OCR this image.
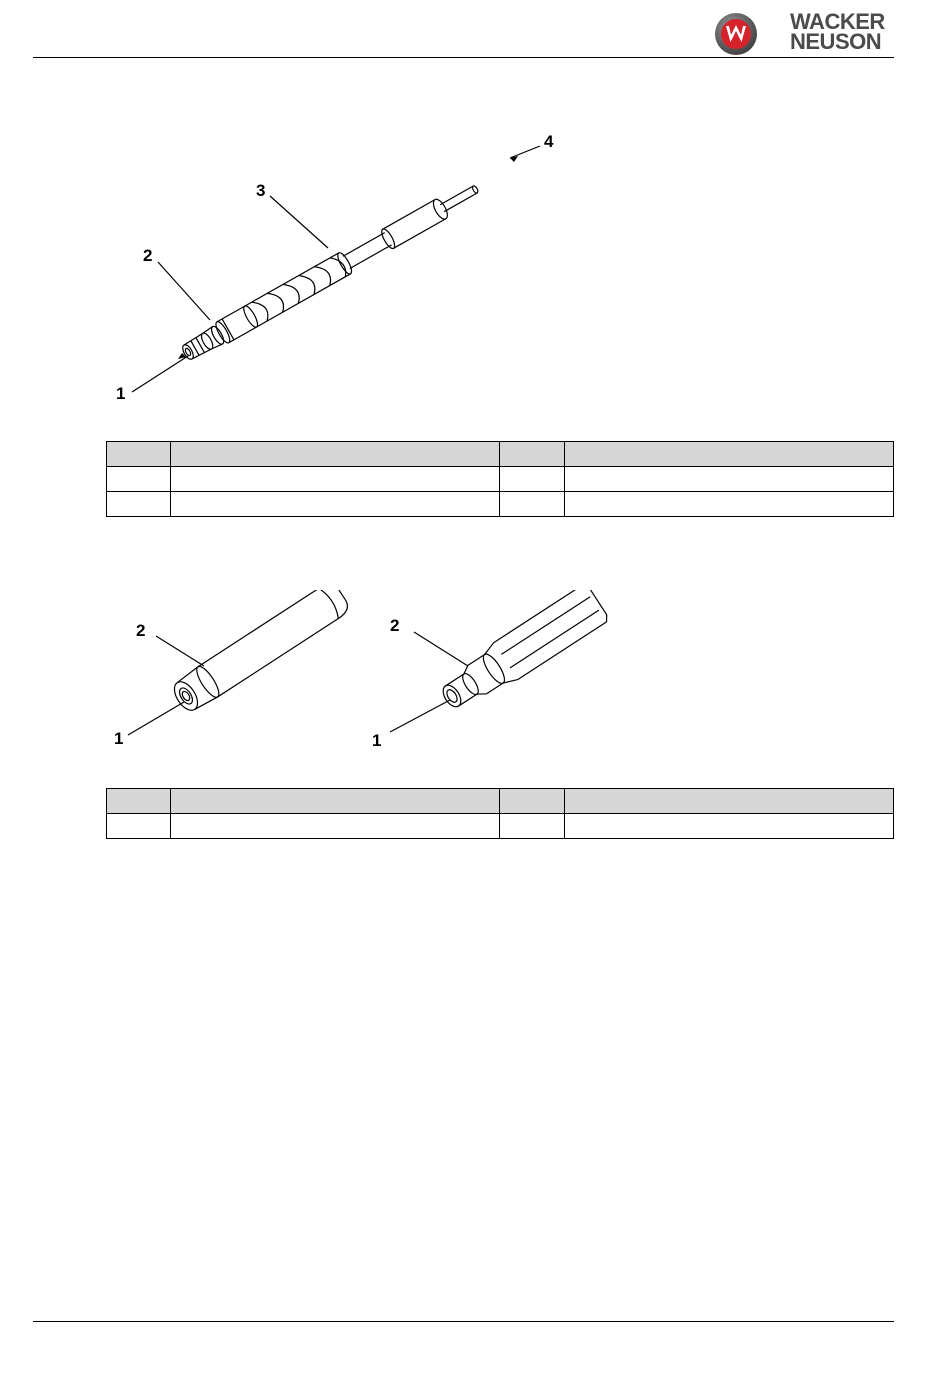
WACKER
NEUSON
1
2
3
4

1
2
1
2
